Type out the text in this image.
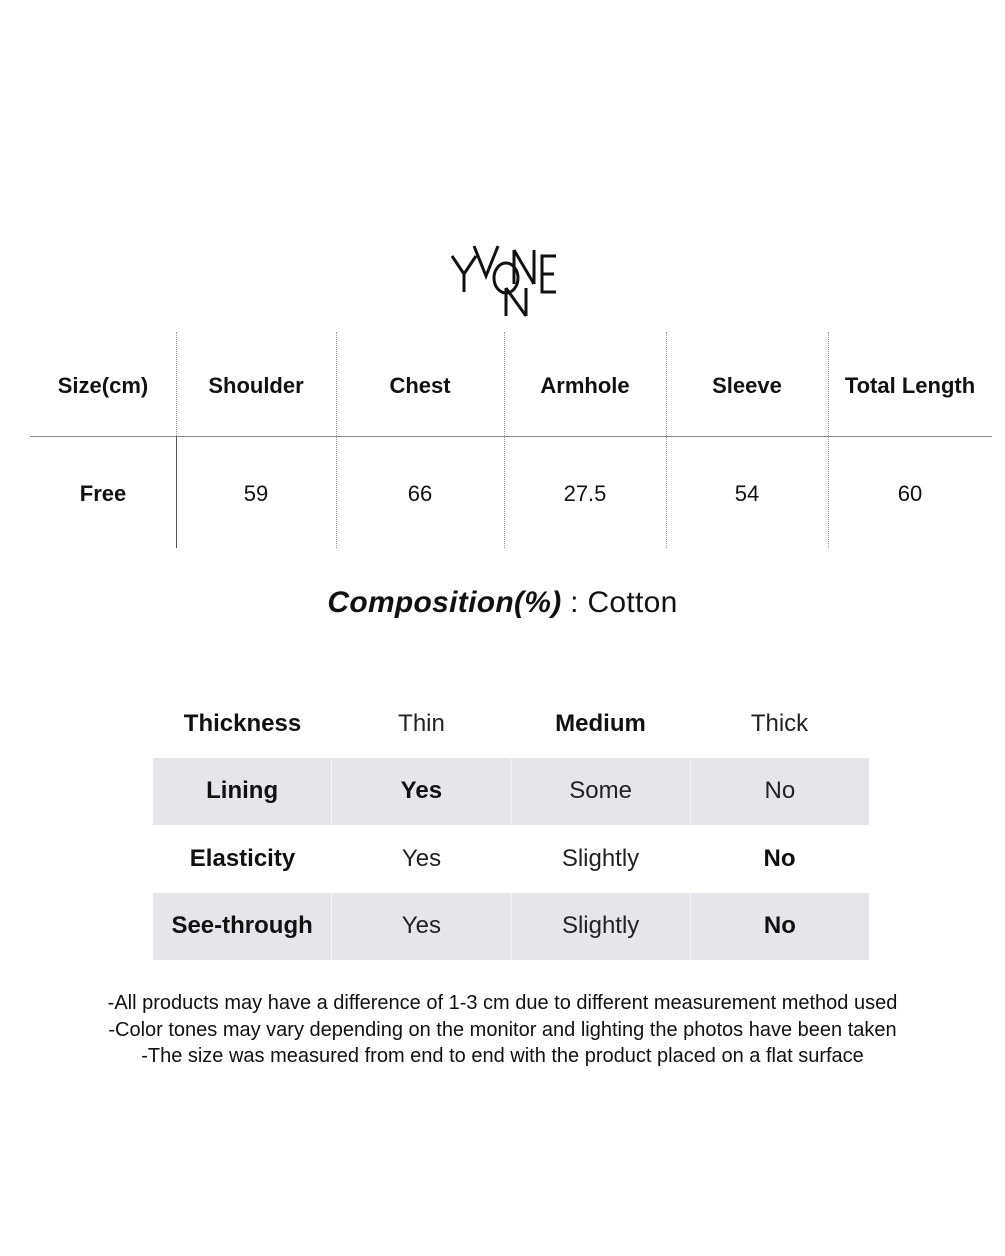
Size(cm)	Shoulder	Chest	Armhole	Sleeve	Total Length
Free	59	66	27.5	54	60
Composition(%) : Cotton
Thickness	Thin	Medium	Thick
Lining	Yes	Some	No
Elasticity	Yes	Slightly	No
See-through	Yes	Slightly	No
-All products may have a difference of 1-3 cm due to different measurement method used
-Color tones may vary depending on the monitor and lighting the photos have been taken
-The size was measured from end to end with the product placed on a flat surface
